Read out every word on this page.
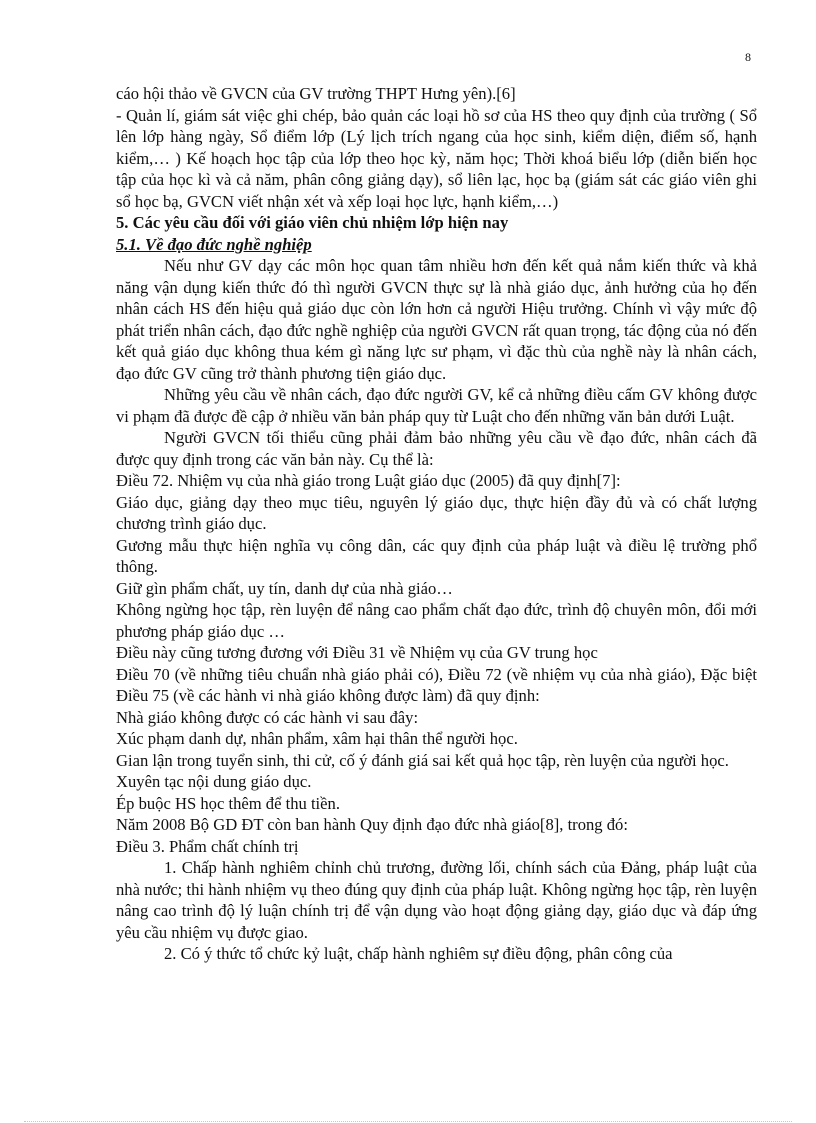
8

cáo hội thảo về GVCN của GV trường THPT Hưng yên).[6]

- Quản lí, giám sát việc ghi chép, bảo quản các loại hồ sơ của HS theo quy định của trường ( Sổ lên lớp hàng ngày, Sổ điểm lớp (Lý lịch trích ngang của học sinh, kiểm diện, điểm số, hạnh kiểm,… ) Kế hoạch học tập của lớp theo học kỳ, năm học; Thời khoá biểu lớp (diễn biến học tập của học kì và cả năm, phân công giảng dạy), sổ liên lạc, học bạ (giám sát các giáo viên ghi sổ học bạ, GVCN viết nhận xét và xếp loại học lực, hạnh kiểm,…)

5. Các yêu cầu đối với giáo viên chủ nhiệm lớp hiện nay

5.1. Về đạo đức nghề nghiệp

Nếu như GV dạy các môn học quan tâm nhiều hơn đến kết quả nắm kiến thức và khả năng vận dụng kiến thức đó thì người GVCN thực sự là nhà giáo dục, ảnh hưởng của họ đến nhân cách HS đến hiệu quả giáo dục còn lớn hơn cả người Hiệu trưởng. Chính vì vậy mức độ phát triển nhân cách, đạo đức nghề nghiệp của người GVCN rất quan trọng, tác động của nó đến kết quả giáo dục không thua kém gì năng lực sư phạm, vì đặc thù của nghề này là nhân cách, đạo đức GV cũng trở thành phương tiện giáo dục.

Những yêu cầu về nhân cách, đạo đức người GV, kể cả những điều cấm GV không được vi phạm đã được đề cập ở nhiều văn bản pháp quy từ Luật cho đến những văn bản dưới Luật.

Người GVCN tối thiểu cũng phải đảm bảo những yêu cầu về đạo đức, nhân cách đã được quy định trong các văn bản này. Cụ thể là:

Điều 72. Nhiệm vụ của nhà giáo trong Luật giáo dục (2005) đã quy định[7]:

Giáo dục, giảng dạy theo mục tiêu, nguyên lý giáo dục, thực hiện đầy đủ và có chất lượng chương trình giáo dục.

Gương mẫu thực hiện nghĩa vụ công dân, các quy định của pháp luật và điều lệ trường phổ thông.

Giữ gìn phẩm chất, uy tín, danh dự của nhà giáo…

Không ngừng học tập, rèn luyện để nâng cao phẩm chất đạo đức, trình độ chuyên môn, đổi mới phương pháp giáo dục …

Điều này cũng tương đương với Điều 31 về Nhiệm vụ của GV trung học

Điều 70 (về những tiêu chuẩn nhà giáo phải có), Điều 72 (về nhiệm vụ của nhà giáo), Đặc biệt Điều 75 (về các hành vi nhà giáo không được làm) đã quy định:

Nhà giáo không được có các hành vi sau đây:

Xúc phạm danh dự, nhân phẩm, xâm hại thân thể người học.

Gian lận trong tuyển sinh, thi cử, cố ý đánh giá sai kết quả học tập, rèn luyện của người học.

Xuyên tạc nội dung giáo dục.

Ép buộc HS học thêm để thu tiền.

Năm 2008 Bộ GD ĐT còn ban hành Quy định đạo đức nhà giáo[8], trong đó:

Điều 3. Phẩm chất chính trị

1. Chấp hành nghiêm chỉnh chủ trương, đường lối, chính sách của Đảng, pháp luật của nhà nước; thi hành nhiệm vụ theo đúng quy định của pháp luật. Không ngừng học tập, rèn luyện nâng cao trình độ lý luận chính trị để vận dụng vào hoạt động giảng dạy, giáo dục và đáp ứng yêu cầu nhiệm vụ được giao.

2. Có ý thức tổ chức kỷ luật, chấp hành nghiêm sự điều động, phân công của
